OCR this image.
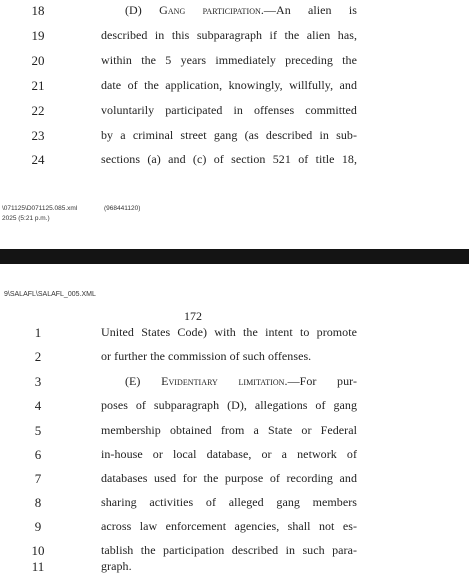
18	(D) Gang participation.—An alien is
19	described in this subparagraph if the alien has,
20	within the 5 years immediately preceding the
21	date of the application, knowingly, willfully, and
22	voluntarily participated in offenses committed
23	by a criminal street gang (as described in sub-
24	sections (a) and (c) of section 521 of title 18,
\071125\D071125.085.xml
2025 (5:21 p.m.)
(968441120)
9\SALAFL\SALAFL_005.XML
172
1	United States Code) with the intent to promote
2	or further the commission of such offenses.
3	(E) Evidentiary limitation.—For pur-
4	poses of subparagraph (D), allegations of gang
5	membership obtained from a State or Federal
6	in-house or local database, or a network of
7	databases used for the purpose of recording and
8	sharing activities of alleged gang members
9	across law enforcement agencies, shall not es-
10	tablish the participation described in such para-
11	graph.
